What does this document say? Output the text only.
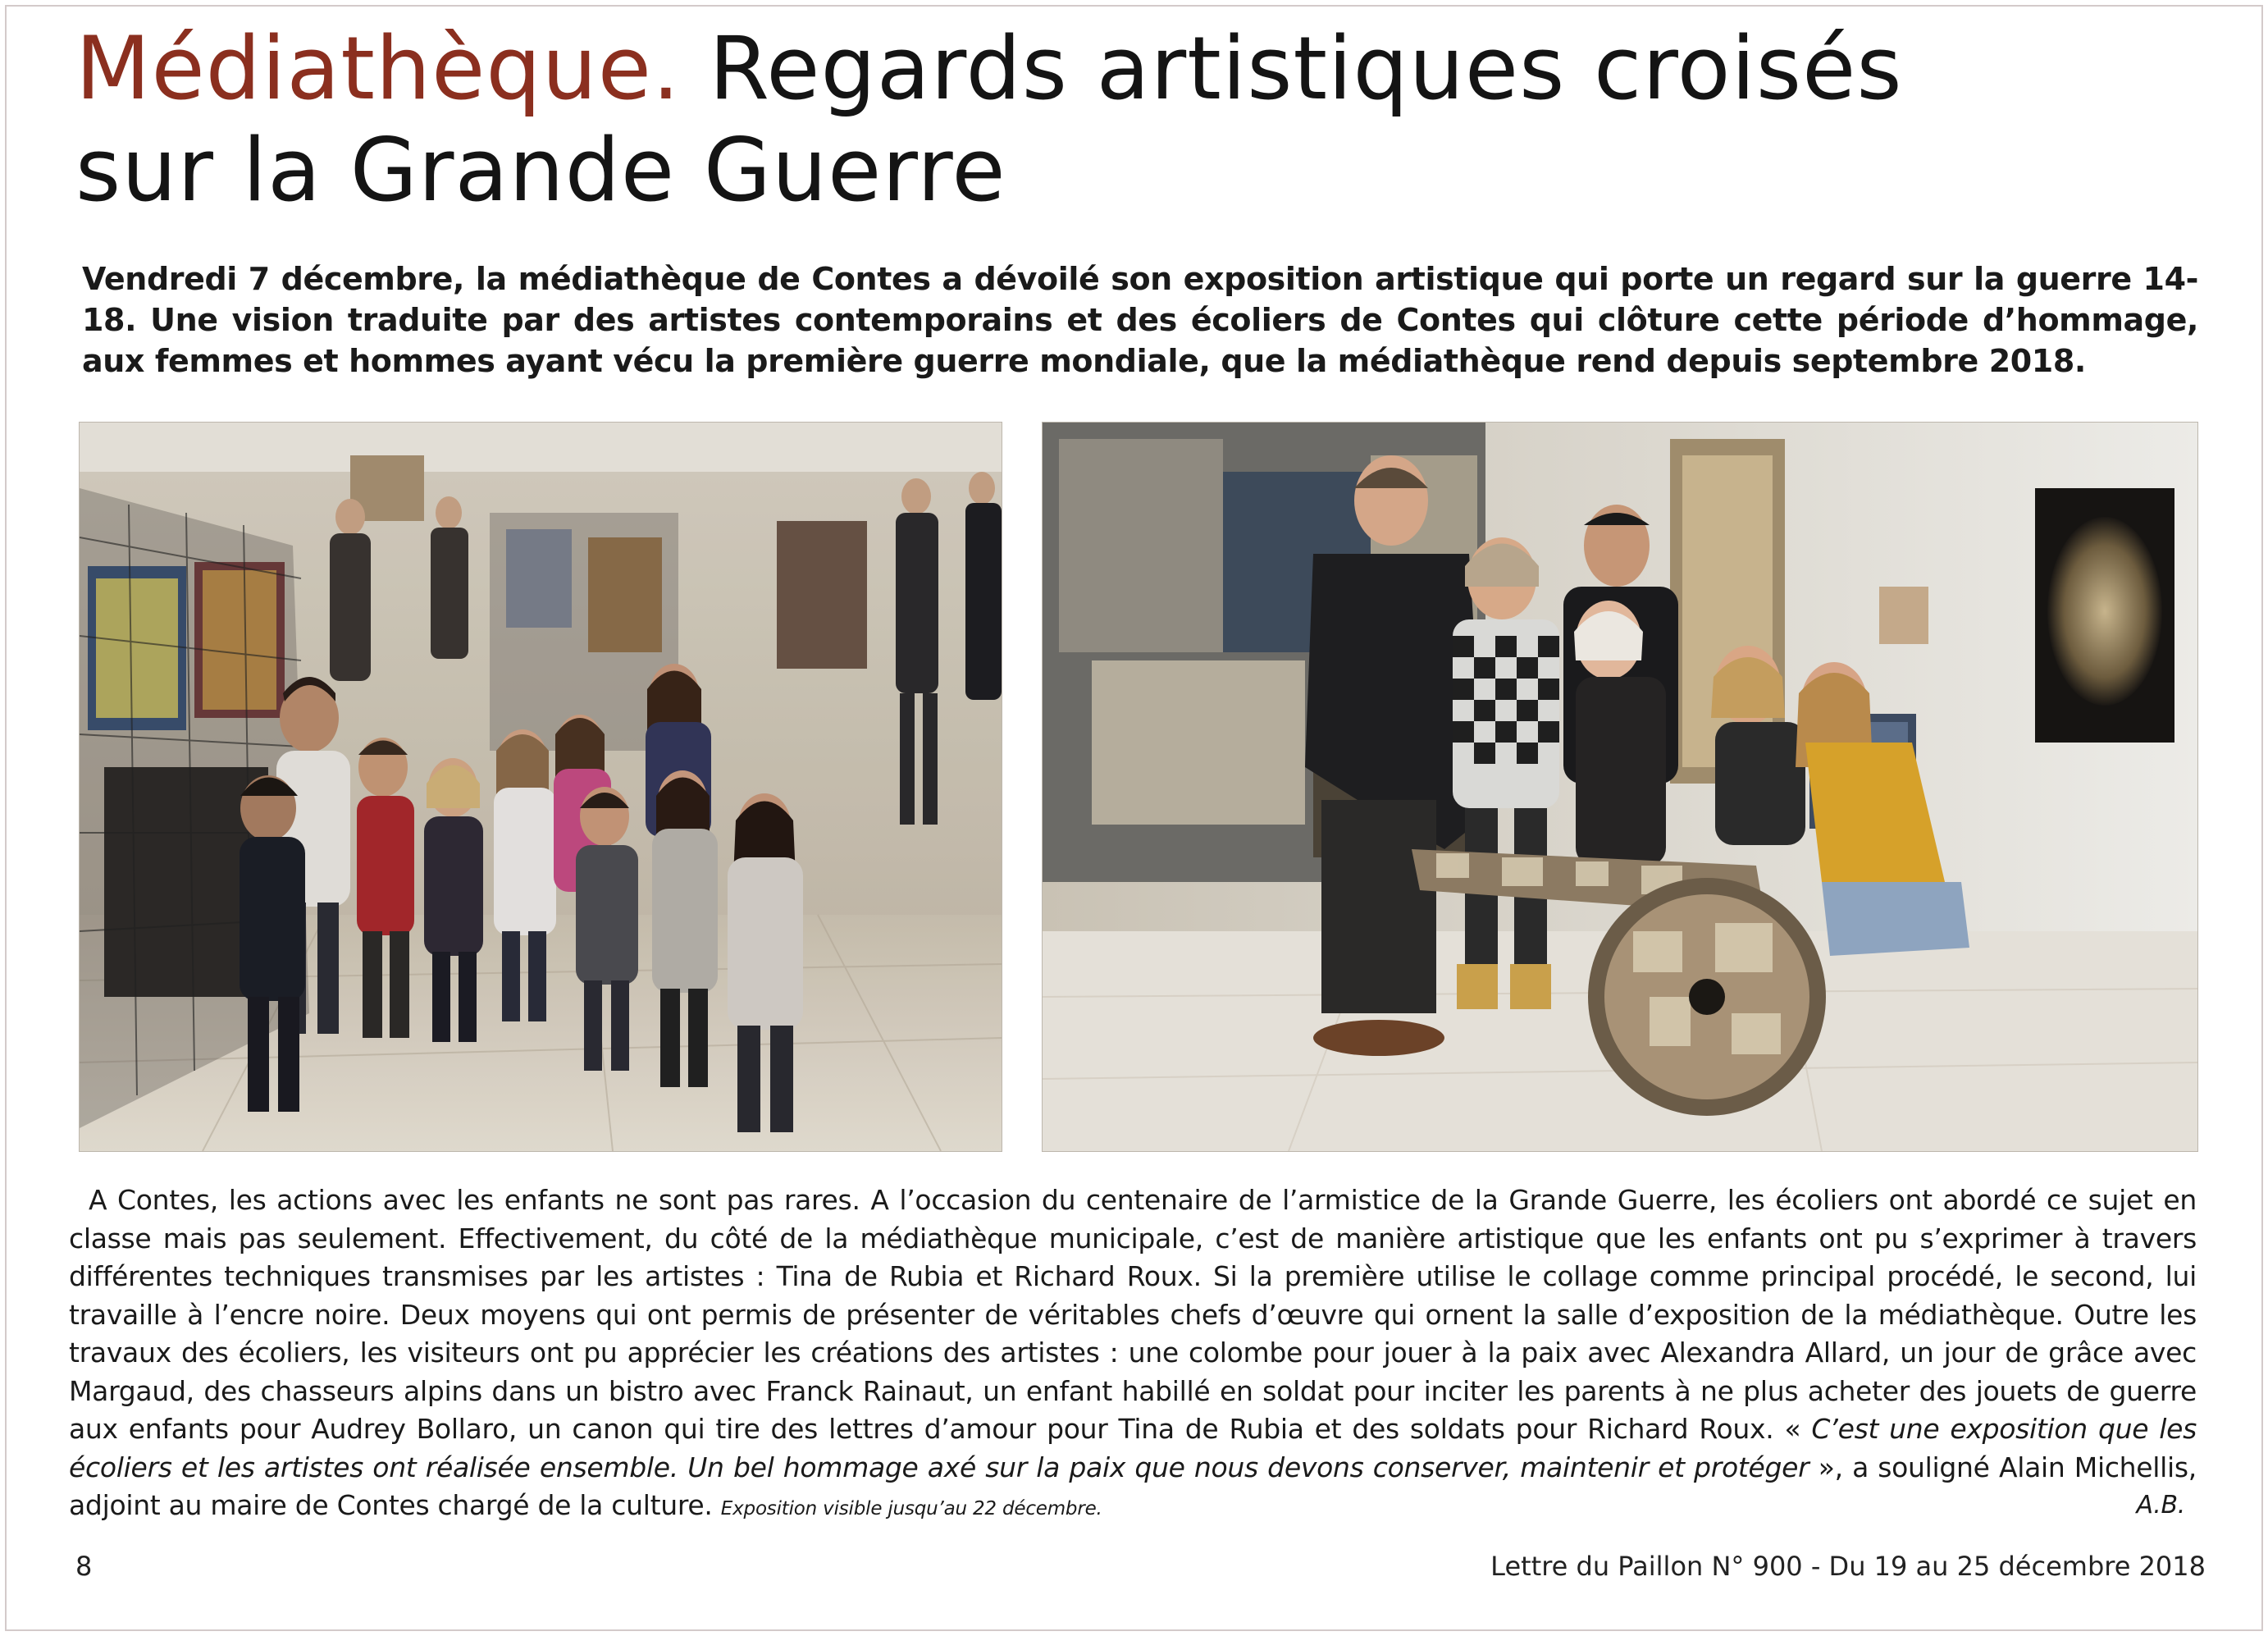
Médiathèque. Regards artistiques croisés
sur la Grande Guerre
Vendredi 7 décembre, la médiathèque de Contes a dévoilé son exposition artistique qui porte un regard sur la guerre 14-18. Une vision traduite par des artistes contemporains et des écoliers de Contes qui clôture cette période d’hommage, aux femmes et hommes ayant vécu la première guerre mondiale, que la médiathèque rend depuis septembre 2018.
A Contes, les actions avec les enfants ne sont pas rares. A l’occasion du centenaire de l’armistice de la Grande Guerre, les écoliers ont abordé ce sujet en classe mais pas seulement. Effectivement, du côté de la médiathèque municipale, c’est de manière artistique que les enfants ont pu s’exprimer à travers différentes techniques transmises par les artistes : Tina de Rubia et Richard Roux. Si la première utilise le collage comme principal procédé, le second, lui travaille à l’encre noire. Deux moyens qui ont permis de présenter de véritables chefs d’œuvre qui ornent la salle d’exposition de la médiathèque. Outre les travaux des écoliers, les visiteurs ont pu apprécier les créations des artistes : une colombe pour jouer à la paix avec Alexandra Allard, un jour de grâce avec Margaud, des chasseurs alpins dans un bistro avec Franck Rainaut, un enfant habillé en soldat pour inciter les parents à ne plus acheter des jouets de guerre aux enfants pour Audrey Bollaro, un canon qui tire des lettres d’amour pour Tina de Rubia et des soldats pour Richard Roux. « C’est une exposition que les écoliers et les artistes ont réalisée ensemble. Un bel hommage axé sur la paix que nous devons conserver, maintenir et protéger », a souligné Alain Michellis, adjoint au maire de Contes chargé de la culture. Exposition visible jusqu’au 22 décembre.	A.B.
8	Lettre du Paillon N° 900 - Du 19 au 25 décembre 2018
